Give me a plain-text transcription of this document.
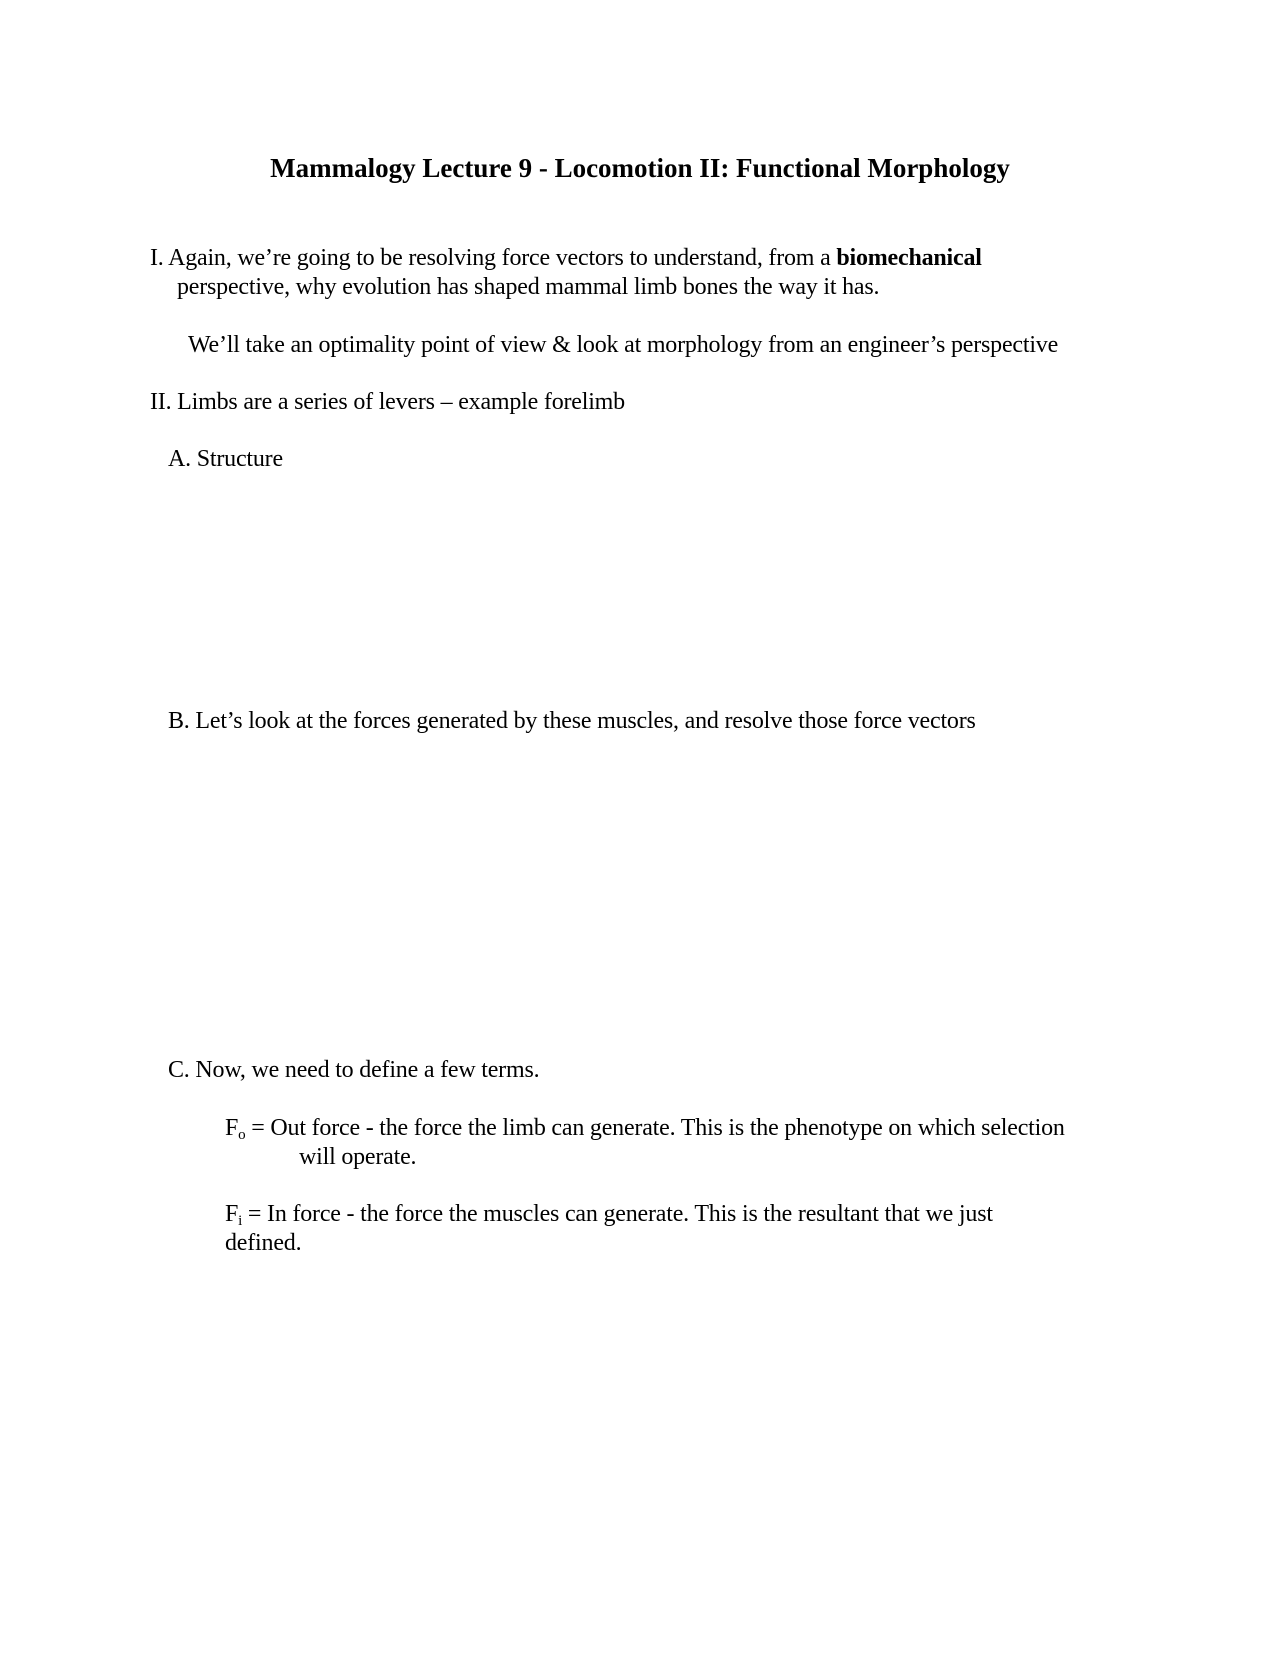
Mammalogy Lecture 9 - Locomotion II: Functional Morphology
I. Again, we’re going to be resolving force vectors to understand, from a biomechanical
perspective, why evolution has shaped mammal limb bones the way it has.
We’ll take an optimality point of view & look at morphology from an engineer’s perspective
II. Limbs are a series of levers – example forelimb
A. Structure
B. Let’s look at the forces generated by these muscles, and resolve those force vectors
C. Now, we need to define a few terms.
$F_o$ = Out force - the force the limb can generate. This is the phenotype on which selection
will operate.
$F_i = In$ force - the force the muscles can generate. This is the resultant that we just
defined.
